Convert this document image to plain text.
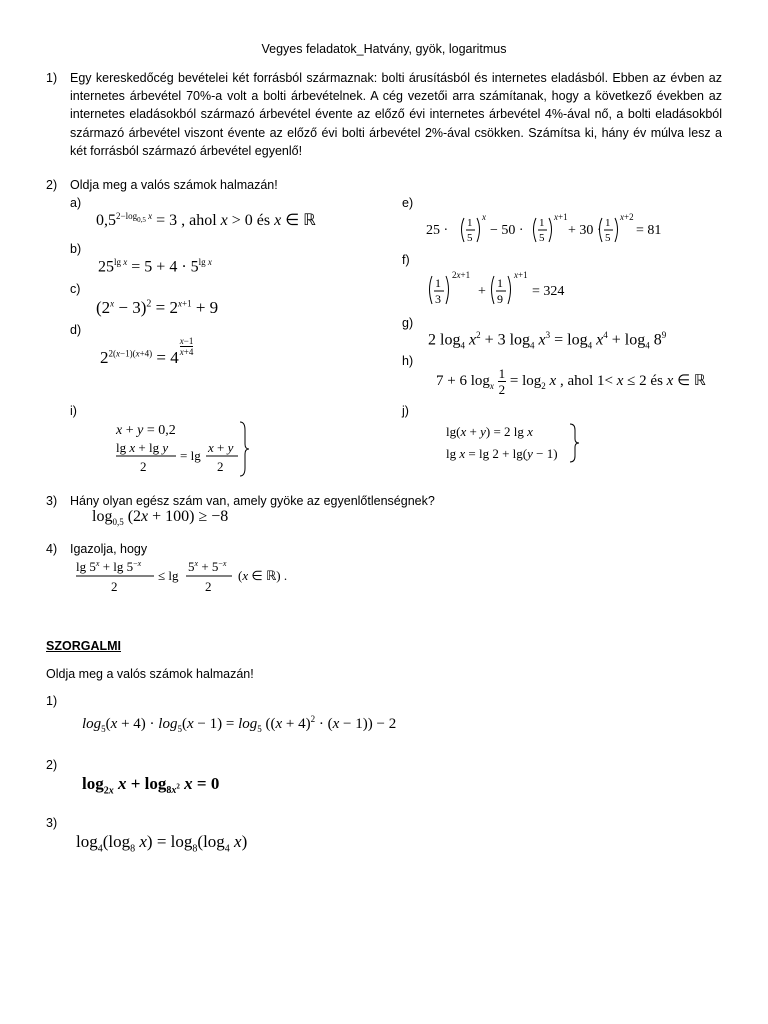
Vegyes feladatok_Hatvány, gyök, logaritmus
1) Egy kereskedőcég bevételei két forrásból származnak: bolti árusításból és internetes eladásból. Ebben az évben az internetes árbevétel 70%-a volt a bolti árbevételnek. A cég vezetői arra számítanak, hogy a következő években az internetes eladásokból származó árbevétel évente az előző évi internetes árbevétel 4%-ával nő, a bolti eladásokból származó árbevétel viszont évente az előző évi bolti árbevétel 2%-ával csökken. Számítsa ki, hány év múlva lesz a két forrásból származó árbevétel egyenlő!
2) Oldja meg a valós számok halmazán!
a)
b)
c)
d)
i)
e)
f)
g)
h)
j)
$0,5^{2-log_{0,5} x} = 3$ , ahol x > 0 és x ∈ ℝ
$25^{lg x} = 5 + 4 \cdot 5^{lg x}$
$(2^x - 3)^2 = 2^{x+1} + 9$
$2^{2(x-1)(x+4)} = 4$
$\frac{x-1}{x+4}$
x + y = 0,2
lg x + lg y
2
= lg
x + y
2
25 · 1
5
x
− 50 · 1
5
x+1
+ 30 · 1
5
x+2
= 81
1
3
2x+1
+
1
9
x+1
= 324
2 $\log_4 x^2 + 3$ $\log_4 x^3 = \log_4 x^4 + \log_4 8^9$
7 + 6 $\log_x \frac{1}{2} = \log_2 x$ , ahol 1< x ≤ 2 és x ∈ ℝ
lg(x + y) = 2 lg x
lg x = lg 2 + lg(y − 1)
3) Hány olyan egész szám van, amely gyöke az egyenlőtlenségnek?
$\log_{0,5} (2x + 100) \ge -8$
4) Igazolja, hogy
$\lg 5^x + \lg 5^{-x}$
2
≤ lg
$5^x + 5^{-x}$
2
(x ∈ ℝ) .
SZORGALMI
Oldja meg a valós számok halmazán!
1)
$\log_5(x + 4) \cdot \log_5(x - 1) = \log_5 ((x + 4)^2 \cdot (x - 1)) - 2$
2)
$\log_{2x} x + \log_{8x^2} x = 0$
3)
$\log_4(\log_8$ $x) = \log_8(\log_4$ x)
